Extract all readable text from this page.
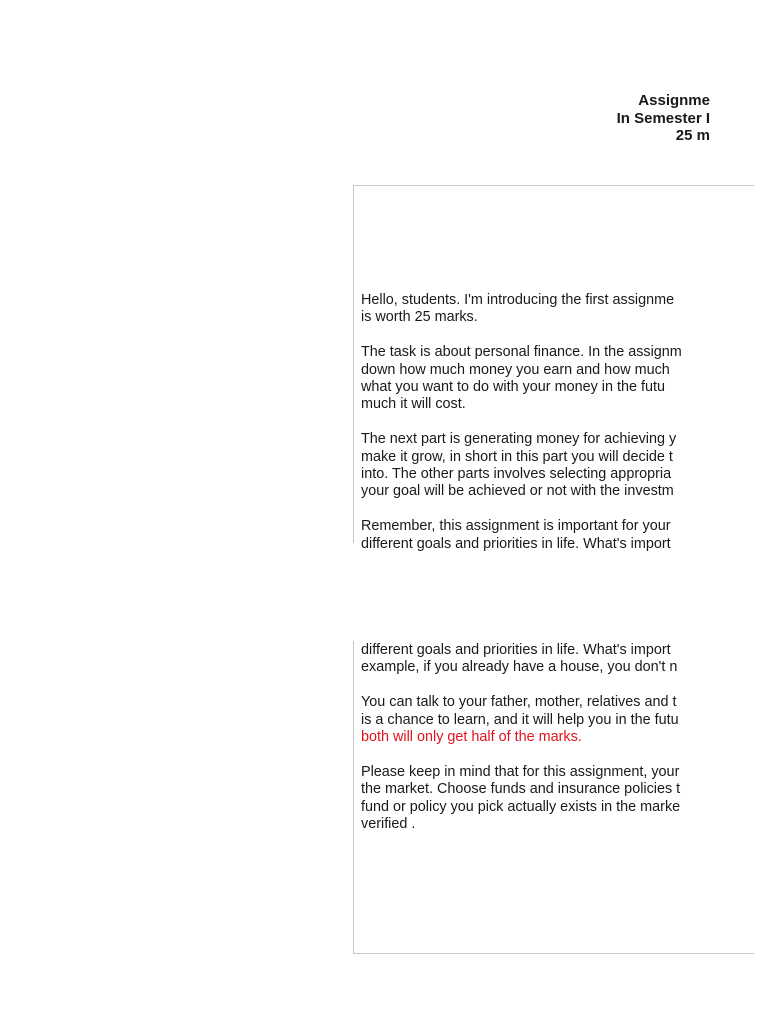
Assignme
In Semester I
25 m

Hello, students. I'm introducing the first assignme
is worth 25 marks.

The task is about personal finance. In the assignm
down how much money you earn and how much
what you want to do with your money in the futu
much it will cost.

The next part is generating money for achieving y
make it grow, in short in this part you will decide t
into. The other parts involves selecting appropria
your goal will be achieved or not with the investm

Remember, this assignment is important for your
different goals and priorities in life. What's import

different goals and priorities in life. What's import
example, if you already have a house, you don't n

You can talk to your father, mother, relatives and t
is a chance to learn, and it will help you in the futu
both will only get half of the marks.

Please keep in mind that for this assignment, your
the market. Choose funds and insurance policies t
fund or policy you pick actually exists in the marke
verified .
